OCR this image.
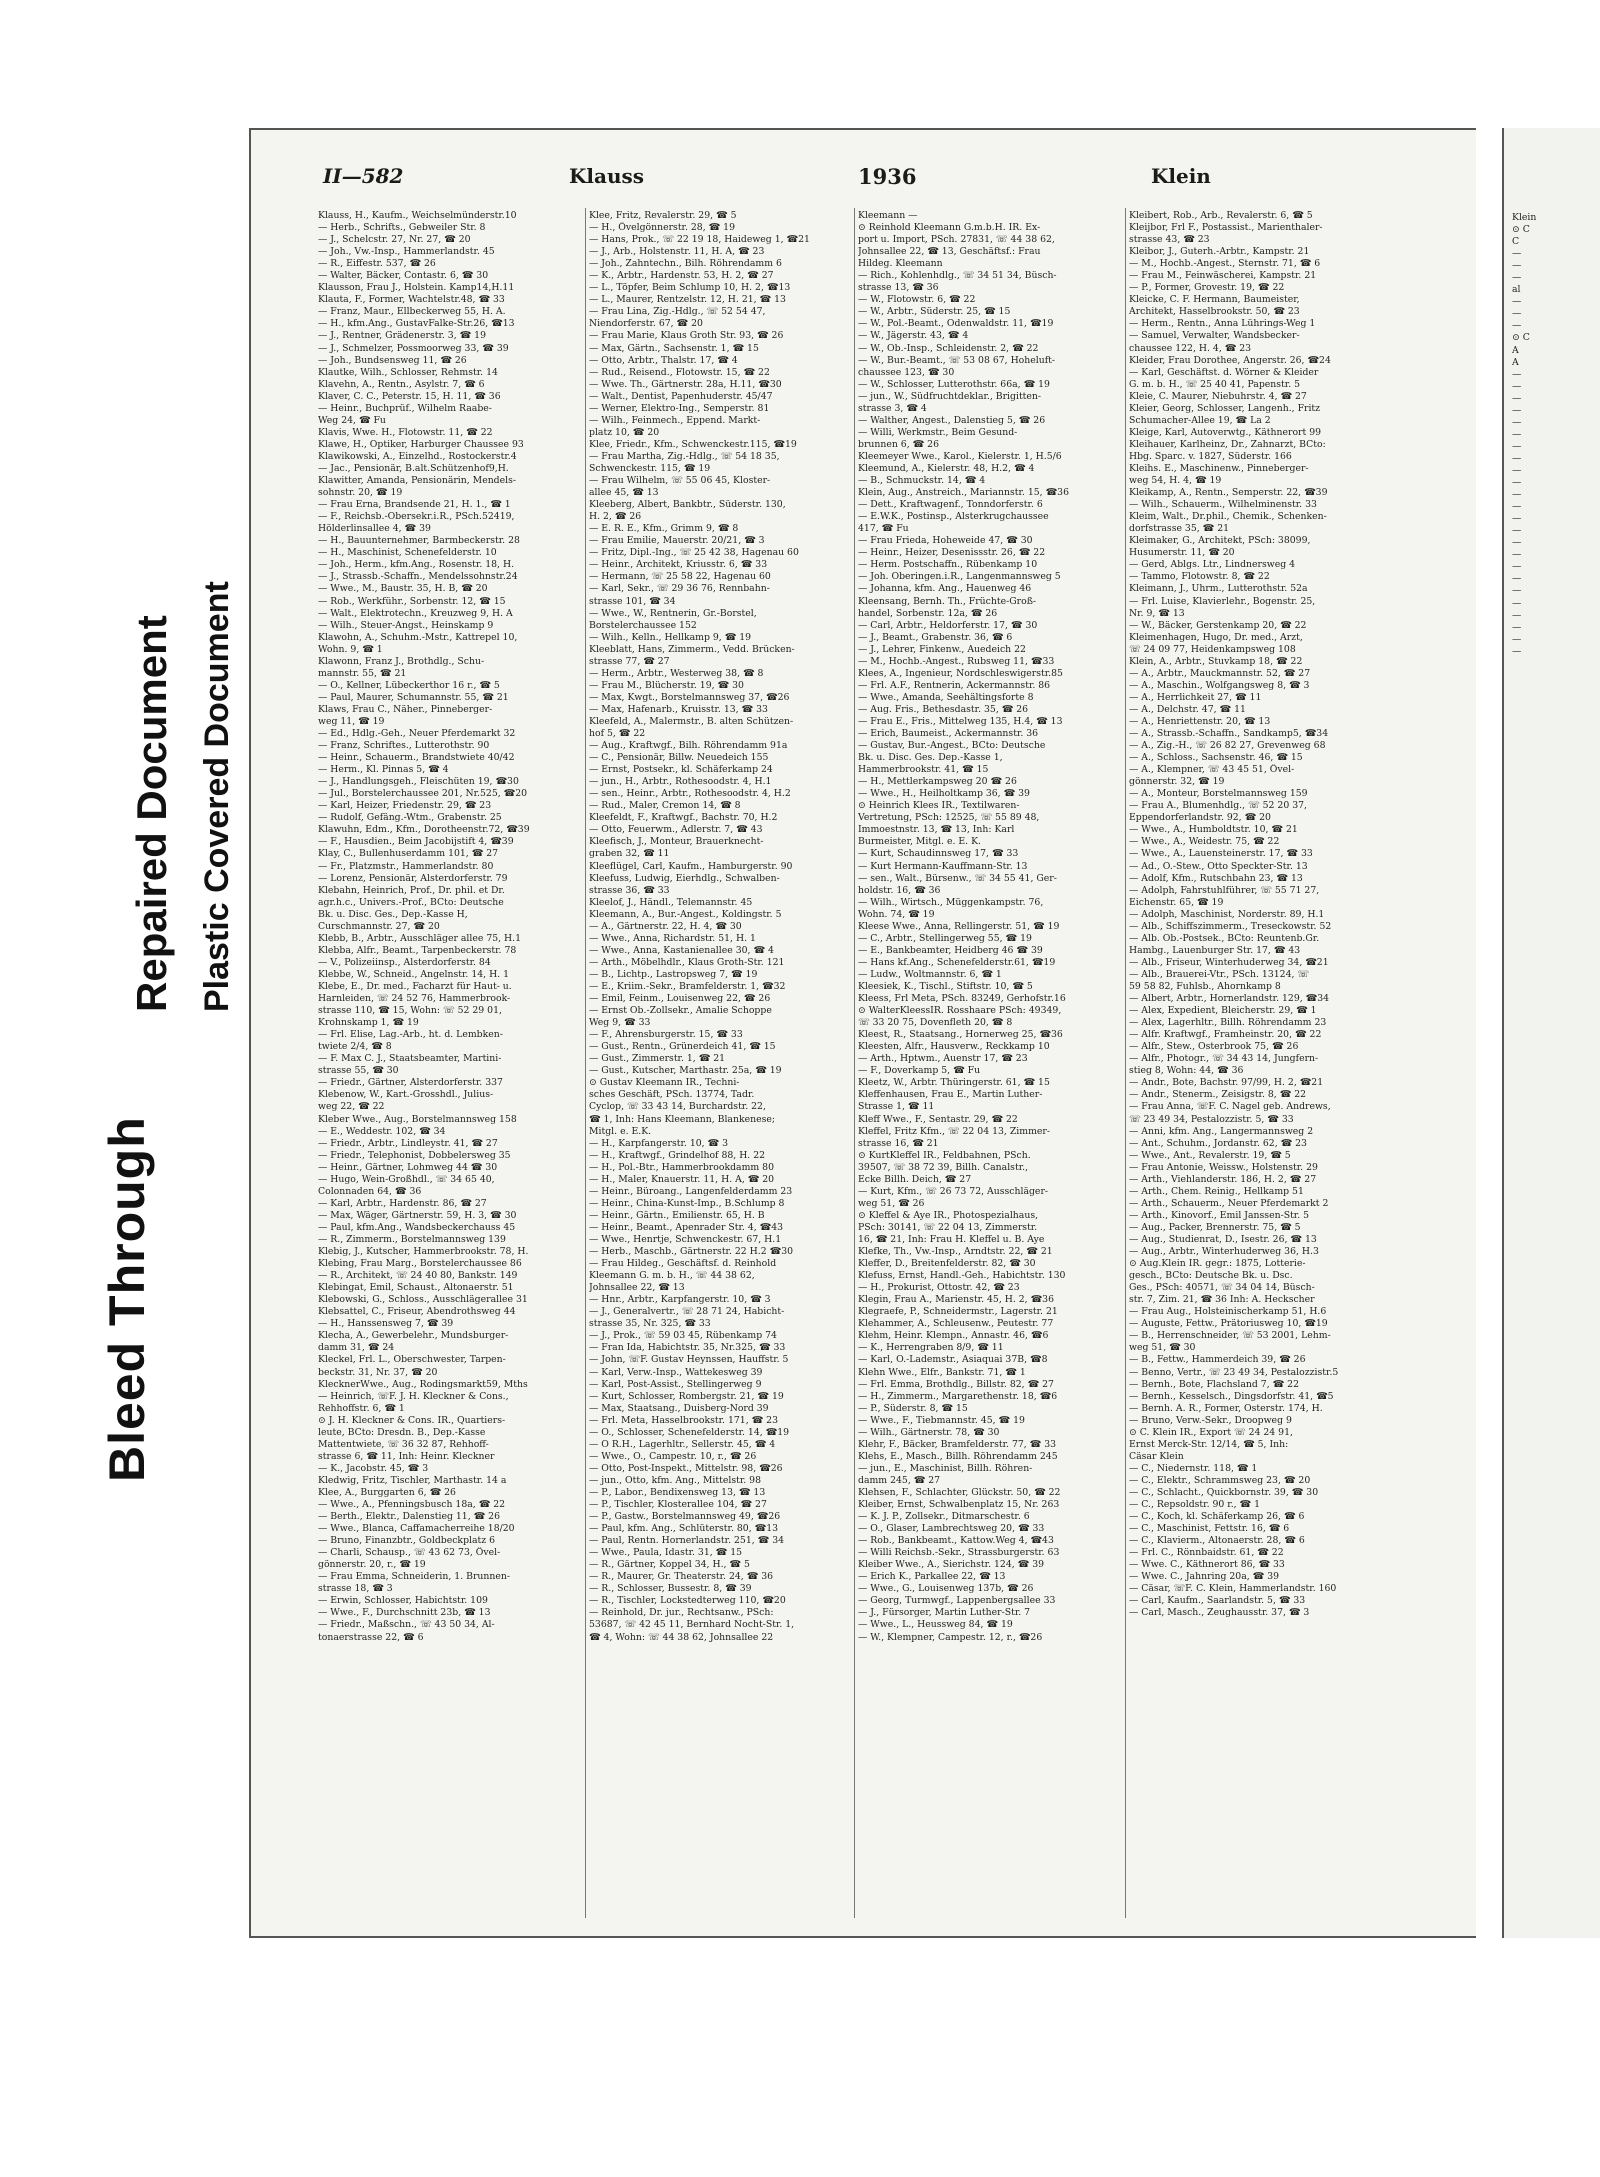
Bleed Through
Repaired Document Plastic Covered Document
II—582	Klauss	1936	Klein
Klauss, H., Kaufm., Weichselmünderstr.10
— Herb., Schrifts., Gebweiler Str. 8
— J., Schelcstr. 27, Nr. 27, ☎ 20
— Joh., Vw.-Insp., Hammerlandstr. 45
— R., Eiffestr. 537, ☎ 26
— Walter, Bäcker, Contastr. 6, ☎ 30
Klausson, Frau J., Holstein. Kamp14,H.11
Klauta, F., Former, Wachtelstr.48, ☎ 33
— Franz, Maur., Ellbeckerweg 55, H. A.
— H., kfm.Ang., GustavFalke-Str.26, ☎13
— J., Rentner, Grädenerstr. 3, ☎ 19
— J., Schmelzer, Possmoorweg 33, ☎ 39
— Joh., Bundsensweg 11, ☎ 26
Klautke, Wilh., Schlosser, Rehmstr. 14
Klavehn, A., Rentn., Asylstr. 7, ☎ 6
Klaver, C. C., Peterstr. 15, H. 11, ☎ 36
— Heinr., Buchprüf., Wilhelm Raabe-
Weg 24, ☎ Fu
Klavis, Wwe. H., Flotowstr. 11, ☎ 22
Klawe, H., Optiker, Harburger Chaussee 93
Klawikowski, A., Einzelhd., Rostockerstr.4
— Jac., Pensionär, B.alt.Schützenhof9,H.
Klawitter, Amanda, Pensionärin, Mendels-
sohnstr. 20, ☎ 19
— Frau Erna, Brandsende 21, H. 1., ☎ 1
— F., Reichsb.-Obersekr.i.R., PSch.52419,
Hölderlinsallee 4, ☎ 39
— H., Bauunternehmer, Barmbeckerstr. 28
— H., Maschinist, Schenefelderstr. 10
— Joh., Herm., kfm.Ang., Rosenstr. 18, H.
— J., Strassb.-Schaffn., Mendelssohnstr.24
— Wwe., M., Baustr. 35, H. B, ☎ 20
— Rob., Werkführ., Sorbenstr. 12, ☎ 15
— Walt., Elektrotechn., Kreuzweg 9, H. A
— Wilh., Steuer-Angst., Heinskamp 9
Klawohn, A., Schuhm.-Mstr., Kattrepel 10,
Wohn. 9, ☎ 1
Klawonn, Franz J., Brothdlg., Schu-
mannstr. 55, ☎ 21
— O., Kellner, Lübeckerthor 16 r., ☎ 5
— Paul, Maurer, Schumannstr. 55, ☎ 21
Klaws, Frau C., Näher., Pinneberger-
weg 11, ☎ 19
— Ed., Hdlg.-Geh., Neuer Pferdemarkt 32
— Franz, Schriftes., Lutterothstr. 90
— Heinr., Schauerm., Brandstwiete 40/42
— Herm., Kl. Pinnas 5, ☎ 4
— J., Handlungsgeh., Fleischüten 19, ☎30
— Jul., Borstelerchaussee 201, Nr.525, ☎20
— Karl, Heizer, Friedenstr. 29, ☎ 23
— Rudolf, Gefäng.-Wtm., Grabenstr. 25
Klawuhn, Edm., Kfm., Dorotheenstr.72, ☎39
— F., Hausdien., Beim Jacobijstift 4, ☎39
Klay, C., Bullenhuserdamm 101, ☎ 27
— Fr., Platzmstr., Hammerlandstr. 80
— Lorenz, Pensionär, Alsterdorferstr. 79
Klebahn, Heinrich, Prof., Dr. phil. et Dr.
agr.h.c., Univers.-Prof., BCto: Deutsche
Bk. u. Disc. Ges., Dep.-Kasse H,
Curschmannstr. 27, ☎ 20
Klebb, B., Arbtr., Ausschläger allee 75, H.1
Klebba, Alfr., Beamt., Tarpenbeckerstr. 78
— V., Polizeiinsp., Alsterdorferstr. 84
Klebbe, W., Schneid., Angelnstr. 14, H. 1
Klebe, E., Dr. med., Facharzt für Haut- u.
Harnleiden, ☏ 24 52 76, Hammerbrook-
strasse 110, ☎ 15, Wohn: ☏ 52 29 01,
Krohnskamp 1, ☎ 19
— Frl. Elise, Lag.-Arb., ht. d. Lembken-
twiete 2/4, ☎ 8
— F. Max C. J., Staatsbeamter, Martini-
strasse 55, ☎ 30
— Friedr., Gärtner, Alsterdorferstr. 337
Klebenow, W., Kart.-Grosshdl., Julius-
weg 22, ☎ 22
Kleber Wwe., Aug., Borstelmannsweg 158
— E., Weddestr. 102, ☎ 34
— Friedr., Arbtr., Lindleystr. 41, ☎ 27
— Friedr., Telephonist, Dobbelersweg 35
— Heinr., Gärtner, Lohmweg 44 ☎ 30
— Hugo, Wein-Großhdl., ☏ 34 65 40,
Colonnaden 64, ☎ 36
— Karl, Arbtr., Hardenstr. 86, ☎ 27
— Max, Wäger, Gärtnerstr. 59, H. 3, ☎ 30
— Paul, kfm.Ang., Wandsbeckerchauss 45
— R., Zimmerm., Borstelmannsweg 139
Klebig, J., Kutscher, Hammerbrookstr. 78, H.
Klebing, Frau Marg., Borstelerchaussee 86
— R., Architekt, ☏ 24 40 80, Bankstr. 149
Klebingat, Emil, Schaust., Altonaerstr. 51
Klebowski, G., Schloss., Ausschlägerallee 31
Klebsattel, C., Friseur, Abendrothsweg 44
— H., Hanssensweg 7, ☎ 39
Klecha, A., Gewerbelehr., Mundsburger-
damm 31, ☎ 24
Kleckel, Frl. L., Oberschwester, Tarpen-
beckstr. 31, Nr. 37, ☎ 20
KlecknerWwe., Aug., Rodingsmarkt59, Mths
— Heinrich, ☏F. J. H. Kleckner & Cons.,
Rehhoffstr. 6, ☎ 1
⊙ J. H. Kleckner & Cons. IR., Quartiers-
leute, BCto: Dresdn. B., Dep.-Kasse
Mattentwiete, ☏ 36 32 87, Rehhoff-
strasse 6, ☎ 11, Inh: Heinr. Kleckner
— K., Jacobstr. 45, ☎ 3
Kledwig, Fritz, Tischler, Marthastr. 14 a
Klee, A., Burggarten 6, ☎ 26
— Wwe., A., Pfenningsbusch 18a, ☎ 22
— Berth., Elektr., Dalenstieg 11, ☎ 26
— Wwe., Blanca, Caffamacherreihe 18/20
— Bruno, Finanzbtr., Goldbeckplatz 6
— Charli, Schausp., ☏ 43 62 73, Övel-
gönnerstr. 20, r., ☎ 19
— Frau Emma, Schneiderin, 1. Brunnen-
strasse 18, ☎ 3
— Erwin, Schlosser, Habichtstr. 109
— Wwe., F., Durchschnitt 23b, ☎ 13
— Friedr., Maßschn., ☏ 43 50 34, Al-
tonaerstrasse 22, ☎ 6
Klee, Fritz, Revalerstr. 29, ☎ 5
— H., Övelgönnerstr. 28, ☎ 19
— Hans, Prok., ☏ 22 19 18, Haideweg 1, ☎21
— J., Arb., Holstenstr. 11, H. A, ☎ 23
— Joh., Zahntechn., Bilh. Röhrendamm 6
— K., Arbtr., Hardenstr. 53, H. 2, ☎ 27
— L., Töpfer, Beim Schlump 10, H. 2, ☎13
— L., Maurer, Rentzelstr. 12, H. 21, ☎ 13
— Frau Lina, Zig.-Hdlg., ☏ 52 54 47,
Niendorferstr. 67, ☎ 20
— Frau Marie, Klaus Groth Str. 93, ☎ 26
— Max, Gärtn., Sachsenstr. 1, ☎ 15
— Otto, Arbtr., Thalstr. 17, ☎ 4
— Rud., Reisend., Flotowstr. 15, ☎ 22
— Wwe. Th., Gärtnerstr. 28a, H.11, ☎30
— Walt., Dentist, Papenhuderstr. 45/47
— Werner, Elektro-Ing., Semperstr. 81
— Wilh., Feinmech., Eppend. Markt-
platz 10, ☎ 20
Klee, Friedr., Kfm., Schwenckestr.115, ☎19
— Frau Martha, Zig.-Hdlg., ☏ 54 18 35,
Schwenckestr. 115, ☎ 19
— Frau Wilhelm, ☏ 55 06 45, Kloster-
allee 45, ☎ 13
Kleeberg, Albert, Bankbtr., Süderstr. 130,
H. 2, ☎ 26
— E. R. E., Kfm., Grimm 9, ☎ 8
— Frau Emilie, Mauerstr. 20/21, ☎ 3
— Fritz, Dipl.-Ing., ☏ 25 42 38, Hagenau 60
— Heinr., Architekt, Kriusstr. 6, ☎ 33
— Hermann, ☏ 25 58 22, Hagenau 60
— Karl, Sekr., ☏ 29 36 76, Rennbahn-
strasse 101, ☎ 34
— Wwe., W., Rentnerin, Gr.-Borstel,
Borstelerchaussee 152
— Wilh., Kelln., Hellkamp 9, ☎ 19
Kleeblatt, Hans, Zimmerm., Vedd. Brücken-
strasse 77, ☎ 27
— Herm., Arbtr., Westerweg 38, ☎ 8
— Frau M., Blücherstr. 19, ☎ 30
— Max, Kwgt., Borstelmannsweg 37, ☎26
— Max, Hafenarb., Kruisstr. 13, ☎ 33
Kleefeld, A., Malermstr., B. alten Schützen-
hof 5, ☎ 22
— Aug., Kraftwgf., Bilh. Röhrendamm 91a
— C., Pensionär, Billw. Neuedeich 155
— Ernst, Postsekr., kl. Schäferkamp 24
— jun., H., Arbtr., Rothesoodstr. 4, H.1
— sen., Heinr., Arbtr., Rothesoodstr. 4, H.2
— Rud., Maler, Cremon 14, ☎ 8
Kleefeldt, F., Kraftwgf., Bachstr. 70, H.2
— Otto, Feuerwm., Adlerstr. 7, ☎ 43
Kleefisch, J., Monteur, Brauerknecht-
graben 32, ☎ 11
Kleeflügel, Carl, Kaufm., Hamburgerstr. 90
Kleefuss, Ludwig, Eierhdlg., Schwalben-
strasse 36, ☎ 33
Kleelof, J., Händl., Telemannstr. 45
Kleemann, A., Bur.-Angest., Koldingstr. 5
— A., Gärtnerstr. 22, H. 4, ☎ 30
— Wwe., Anna, Richardstr. 51, H. 1
— Wwe., Anna, Kastanienallee 30, ☎ 4
— Arth., Möbelhdlr., Klaus Groth-Str. 121
— B., Lichtp., Lastropsweg 7, ☎ 19
— E., Kriim.-Sekr., Bramfelderstr. 1, ☎32
— Emil, Feinm., Louisenweg 22, ☎ 26
— Ernst Ob.-Zollsekr., Amalie Schoppe
Weg 9, ☎ 33
— F., Ahrensburgerstr. 15, ☎ 33
— Gust., Rentn., Grünerdeich 41, ☎ 15
— Gust., Zimmerstr. 1, ☎ 21
— Gust., Kutscher, Marthastr. 25a, ☎ 19
⊙ Gustav Kleemann IR., Techni-
sches Geschäft, PSch. 13774, Tadr.
Cyclop, ☏ 33 43 14, Burchardstr. 22,
☎ 1, Inh: Hans Kleemann, Blankenese;
Mitgl. e. E.K.
— H., Karpfangerstr. 10, ☎ 3
— H., Kraftwgf., Grindelhof 88, H. 22
— H., Pol.-Btr., Hammerbrookdamm 80
— H., Maler, Knauerstr. 11, H. A, ☎ 20
— Heinr., Büroang., Langenfelderdamm 23
— Heinr., China-Kunst-Imp., B.Schlump 8
— Heinr., Gärtn., Emilienstr. 65, H. B
— Heinr., Beamt., Apenrader Str. 4, ☎43
— Wwe., Henrtje, Schwenckestr. 67, H.1
— Herb., Maschb., Gärtnerstr. 22 H.2 ☎30
— Frau Hildeg., Geschäftsf. d. Reinhold
Kleemann G. m. b. H., ☏ 44 38 62,
Johnsallee 22, ☎ 13
— Hnr., Arbtr., Karpfangerstr. 10, ☎ 3
— J., Generalvertr., ☏ 28 71 24, Habicht-
strasse 35, Nr. 325, ☎ 33
— J., Prok., ☏ 59 03 45, Rübenkamp 74
— Fran Ida, Habichtstr. 35, Nr.325, ☎ 33
— John, ☏F. Gustav Heynssen, Hauffstr. 5
— Karl, Verw.-Insp., Wattekesweg 39
— Karl, Post-Assist., Stellingerweg 9
— Kurt, Schlosser, Rombergstr. 21, ☎ 19
— Max, Staatsang., Duisberg-Nord 39
— Frl. Meta, Hasselbrookstr. 171, ☎ 23
— O., Schlosser, Schenefelderstr. 14, ☎19
— O R.H., Lagerhltr., Sellerstr. 45, ☎ 4
— Wwe., O., Campestr. 10, r., ☎ 26
— Otto, Post-Inspekt., Mittelstr. 98, ☎26
— jun., Otto, kfm. Ang., Mittelstr. 98
— P., Labor., Bendixensweg 13, ☎ 13
— P., Tischler, Klosterallee 104, ☎ 27
— P., Gastw., Borstelmannsweg 49, ☎26
— Paul, kfm. Ang., Schlüterstr. 80, ☎13
— Paul, Rentn. Hornerlandstr. 251, ☎ 34
— Wwe., Paula, Idastr. 31, ☎ 15
— R., Gärtner, Koppel 34, H., ☎ 5
— R., Maurer, Gr. Theaterstr. 24, ☎ 36
— R., Schlosser, Bussestr. 8, ☎ 39
— R., Tischler, Lockstedterweg 110, ☎20
— Reinhold, Dr. jur., Rechtsanw., PSch:
53687, ☏ 42 45 11, Bernhard Nocht-Str. 1,
☎ 4, Wohn: ☏ 44 38 62, Johnsallee 22
Kleemann —
⊙ Reinhold Kleemann G.m.b.H. IR. Ex-
port u. Import, PSch. 27831, ☏ 44 38 62,
Johnsallee 22, ☎ 13, Geschäftsf.: Frau
Hildeg. Kleemann
— Rich., Kohlenhdlg., ☏ 34 51 34, Büsch-
strasse 13, ☎ 36
— W., Flotowstr. 6, ☎ 22
— W., Arbtr., Süderstr. 25, ☎ 15
— W., Pol.-Beamt., Odenwaldstr. 11, ☎19
— W., Jägerstr. 43, ☎ 4
— W., Ob.-Insp., Schleidenstr. 2, ☎ 22
— W., Bur.-Beamt., ☏ 53 08 67, Hoheluft-
chaussee 123, ☎ 30
— W., Schlosser, Lutterothstr. 66a, ☎ 19
— jun., W., Südfruchtdeklar., Brigitten-
strasse 3, ☎ 4
— Walther, Angest., Dalenstieg 5, ☎ 26
— Willi, Werkmstr., Beim Gesund-
brunnen 6, ☎ 26
Kleemeyer Wwe., Karol., Kielerstr. 1, H.5/6
Kleemund, A., Kielerstr. 48, H.2, ☎ 4
— B., Schmuckstr. 14, ☎ 4
Klein, Aug., Anstreich., Mariannstr. 15, ☎36
— Dett., Kraftwagenf., Tonndorferstr. 6
— E.W.K., Postinsp., Alsterkrugchaussee
417, ☎ Fu
— Frau Frieda, Hoheweide 47, ☎ 30
— Heinr., Heizer, Desenissstr. 26, ☎ 22
— Herm. Postschaffn., Rübenkamp 10
— Joh. Oberingen.i.R., Langenmannsweg 5
— Johanna, kfm. Ang., Hauenweg 46
Kleensang, Bernh. Th., Früchte-Groß-
handel, Sorbenstr. 12a, ☎ 26
— Carl, Arbtr., Heldorferstr. 17, ☎ 30
— J., Beamt., Grabenstr. 36, ☎ 6
— J., Lehrer, Finkenw., Auedeich 22
— M., Hochb.-Angest., Rubsweg 11, ☎33
Klees, A., Ingenieur, Nordschleswigerstr.85
— Frl. A.F., Rentnerin, Ackermannstr. 86
— Wwe., Amanda, Seehältingsforte 8
— Aug. Fris., Bethesdastr. 35, ☎ 26
— Frau E., Fris., Mittelweg 135, H.4, ☎ 13
— Erich, Baumeist., Ackermannstr. 36
— Gustav, Bur.-Angest., BCto: Deutsche
Bk. u. Disc. Ges. Dep.-Kasse 1,
Hammerbrookstr. 41, ☎ 15
— H., Mettlerkampsweg 20 ☎ 26
— Wwe., H., Heilholtkamp 36, ☎ 39
⊙ Heinrich Klees IR., Textilwaren-
Vertretung, PSch: 12525, ☏ 55 89 48,
Immoestnstr. 13, ☎ 13, Inh: Karl
Burmeister, Mitgl. e. E. K.
— Kurt, Schaudinnsweg 17, ☎ 33
— Kurt Hermann-Kauffmann-Str. 13
— sen., Walt., Bürsenw., ☏ 34 55 41, Ger-
holdstr. 16, ☎ 36
— Wilh., Wirtsch., Müggenkampstr. 76,
Wohn. 74, ☎ 19
Kleese Wwe., Anna, Rellingerstr. 51, ☎ 19
— C., Arbtr., Stellingerweg 55, ☎ 19
— E., Bankbeamter, Heidberg 46 ☎ 39
— Hans kf.Ang., Schenefelderstr.61, ☎19
— Ludw., Woltmannstr. 6, ☎ 1
Kleesiek, K., Tischl., Stiftstr. 10, ☎ 5
Kleess, Frl Meta, PSch. 83249, Gerhofstr.16
⊙ WalterKleessIR. Rosshaare PSch: 49349,
☏ 33 20 75, Dovenfleth 20, ☎ 8
Kleest, R., Staatsang., Hornerweg 25, ☎36
Kleesten, Alfr., Hausverw., Reckkamp 10
— Arth., Hptwm., Auenstr 17, ☎ 23
— F., Doverkamp 5, ☎ Fu
Kleetz, W., Arbtr. Thüringerstr. 61, ☎ 15
Kleffenhausen, Frau E., Martin Luther-
Strasse 1, ☎ 11
Kleff Wwe., F., Sentastr. 29, ☎ 22
Kleffel, Fritz Kfm., ☏ 22 04 13, Zimmer-
strasse 16, ☎ 21
⊙ KurtKleffel IR., Feldbahnen, PSch.
39507, ☏ 38 72 39, Billh. Canalstr.,
Ecke Billh. Deich, ☎ 27
— Kurt, Kfm., ☏ 26 73 72, Ausschläger-
weg 51, ☎ 26
⊙ Kleffel & Aye IR., Photospezialhaus,
PSch: 30141, ☏ 22 04 13, Zimmerstr.
16, ☎ 21, Inh: Frau H. Kleffel u. B. Aye
Klefke, Th., Vw.-Insp., Arndtstr. 22, ☎ 21
Kleffer, D., Breitenfelderstr. 82, ☎ 30
Klefuss, Ernst, Handl.-Geh., Habichtstr. 130
— H., Prokurist, Ottostr. 42, ☎ 23
Klegin, Frau A., Marienstr. 45, H. 2, ☎36
Klegraefe, P., Schneidermstr., Lagerstr. 21
Klehammer, A., Schleusenw., Peutestr. 77
Klehm, Heinr. Klempn., Annastr. 46, ☎6
— K., Herrengraben 8/9, ☎ 11
— Karl, O.-Lademstr., Asiaquai 37B, ☎8
Klehn Wwe., Elfr., Bankstr. 71, ☎ 1
— Frl. Emma, Brothdlg., Billstr. 82, ☎ 27
— H., Zimmerm., Margarethenstr. 18, ☎6
— P., Süderstr. 8, ☎ 15
— Wwe., F., Tiebmannstr. 45, ☎ 19
— Wilh., Gärtnerstr. 78, ☎ 30
Klehr, F., Bäcker, Bramfelderstr. 77, ☎ 33
Klehs, E., Masch., Billh. Röhrendamm 245
— jun., E., Maschinist, Billh. Röhren-
damm 245, ☎ 27
Klehsen, F., Schlachter, Glückstr. 50, ☎ 22
Kleiber, Ernst, Schwalbenplatz 15, Nr. 263
— K. J. P., Zollsekr., Ditmarschestr. 6
— O., Glaser, Lambrechtsweg 20, ☎ 33
— Rob., Bankbeamt., Kattow.Weg 4, ☎43
— Willi Reichsb.-Sekr., Strassburgerstr. 63
Kleiber Wwe., A., Sierichstr. 124, ☎ 39
— Erich K., Parkallee 22, ☎ 13
— Wwe., G., Louisenweg 137b, ☎ 26
— Georg, Turmwgf., Lappenbergsallee 33
— J., Fürsorger, Martin Luther-Str. 7
— Wwe., L., Heussweg 84, ☎ 19
— W., Klempner, Campestr. 12, r., ☎26
Kleibert, Rob., Arb., Revalerstr. 6, ☎ 5
Kleijbor, Frl F., Postassist., Marienthaler-
strasse 43, ☎ 23
Kleibor, J., Guterh.-Arbtr., Kampstr. 21
— M., Hochb.-Angest., Sternstr. 71, ☎ 6
— Frau M., Feinwäscherei, Kampstr. 21
— P., Former, Grovestr. 19, ☎ 22
Kleicke, C. F. Hermann, Baumeister,
Architekt, Hasselbrookstr. 50, ☎ 23
— Herm., Rentn., Anna Lührings-Weg 1
— Samuel, Verwalter, Wandsbecker-
chaussee 122, H. 4, ☎ 23
Kleider, Frau Dorothee, Angerstr. 26, ☎24
— Karl, Geschäftst. d. Wörner & Kleider
G. m. b. H., ☏ 25 40 41, Papenstr. 5
Kleie, C. Maurer, Niebuhrstr. 4, ☎ 27
Kleier, Georg, Schlosser, Langenh., Fritz
Schumacher-Allee 19, ☎ La 2
Kleige, Karl, Autoverwtg., Käthnerort 99
Kleihauer, Karlheinz, Dr., Zahnarzt, BCto:
Hbg. Sparc. v. 1827, Süderstr. 166
Kleihs. E., Maschinenw., Pinneberger-
weg 54, H. 4, ☎ 19
Kleikamp, A., Rentn., Semperstr. 22, ☎39
— Wilh., Schauerm., Wilhelminenstr. 33
Kleim, Walt., Dr.phil., Chemik., Schenken-
dorfstrasse 35, ☎ 21
Kleimaker, G., Architekt, PSch: 38099,
Husumerstr. 11, ☎ 20
— Gerd, Ablgs. Ltr., Lindnersweg 4
— Tammo, Flotowstr. 8, ☎ 22
Kleimann, J., Uhrm., Lutterothstr. 52a
— Frl. Luise, Klavierlehr., Bogenstr. 25,
Nr. 9, ☎ 13
— W., Bäcker, Gerstenkamp 20, ☎ 22
Kleimenhagen, Hugo, Dr. med., Arzt,
☏ 24 09 77, Heidenkampsweg 108
Klein, A., Arbtr., Stuvkamp 18, ☎ 22
— A., Arbtr., Mauckmannstr. 52, ☎ 27
— A., Maschin., Wolfgangsweg 8, ☎ 3
— A., Herrlichkeit 27, ☎ 11
— A., Delchstr. 47, ☎ 11
— A., Henriettenstr. 20, ☎ 13
— A., Strassb.-Schaffn., Sandkamp5, ☎34
— A., Zig.-H., ☏ 26 82 27, Grevenweg 68
— A., Schloss., Sachsenstr. 46, ☎ 15
— A., Klempner, ☏ 43 45 51, Övel-
gönnerstr. 32, ☎ 19
— A., Monteur, Borstelmannsweg 159
— Frau A., Blumenhdlg., ☏ 52 20 37,
Eppendorferlandstr. 92, ☎ 20
— Wwe., A., Humboldtstr. 10, ☎ 21
— Wwe., A., Weidestr. 75, ☎ 22
— Wwe., A., Lauensteinerstr. 17, ☎ 33
— Ad., O.-Stew., Otto Speckter-Str. 13
— Adolf, Kfm., Rutschbahn 23, ☎ 13
— Adolph, Fahrstuhlführer, ☏ 55 71 27,
Eichenstr. 65, ☎ 19
— Adolph, Maschinist, Norderstr. 89, H.1
— Alb., Schiffszimmerm., Treseckowstr. 52
— Alb. Ob.-Postsek., BCto: Reuntenb.Gr.
Hambg., Lauenburger Str. 17, ☎ 43
— Alb., Friseur, Winterhuderweg 34, ☎21
— Alb., Brauerei-Vtr., PSch. 13124, ☏
59 58 82, Fuhlsb., Ahornkamp 8
— Albert, Arbtr., Hornerlandstr. 129, ☎34
— Alex, Expedient, Bleicherstr. 29, ☎ 1
— Alex, Lagerhltr., Billh. Röhrendamm 23
— Alfr. Kraftwgf., Framheinstr. 20, ☎ 22
— Alfr., Stew., Osterbrook 75, ☎ 26
— Alfr., Photogr., ☏ 34 43 14, Jungfern-
stieg 8, Wohn: 44, ☎ 36
— Andr., Bote, Bachstr. 97/99, H. 2, ☎21
— Andr., Stenerm., Zeisigstr. 8, ☎ 22
— Frau Anna, ☏F. C. Nagel geb. Andrews,
☏ 23 49 34, Pestalozzistr. 5, ☎ 33
— Anni, kfm. Ang., Langermannsweg 2
— Ant., Schuhm., Jordanstr. 62, ☎ 23
— Wwe., Ant., Revalerstr. 19, ☎ 5
— Frau Antonie, Weissw., Holstenstr. 29
— Arth., Viehlanderstr. 186, H. 2, ☎ 27
— Arth., Chem. Reinig., Hellkamp 51
— Arth., Schauerm., Neuer Pferdemarkt 2
— Arth., Kinovorf., Emil Janssen-Str. 5
— Aug., Packer, Brennerstr. 75, ☎ 5
— Aug., Studienrat, D., Isestr. 26, ☎ 13
— Aug., Arbtr., Winterhuderweg 36, H.3
⊙ Aug.Klein IR. gegr.: 1875, Lotterie-
gesch., BCto: Deutsche Bk. u. Dsc.
Ges., PSch: 40571, ☏ 34 04 14, Büsch-
str. 7, Zim. 21, ☎ 36 Inh: A. Heckscher
— Frau Aug., Holsteinischerkamp 51, H.6
— Auguste, Fettw., Prätoriusweg 10, ☎19
— B., Herrenschneider, ☏ 53 2001, Lehm-
weg 51, ☎ 30
— B., Fettw., Hammerdeich 39, ☎ 26
— Benno, Vertr., ☏ 23 49 34, Pestalozzistr.5
— Bernh., Bote, Flachsland 7, ☎ 22
— Bernh., Kesselsch., Dingsdorfstr. 41, ☎5
— Bernh. A. R., Former, Osterstr. 174, H.
— Bruno, Verw.-Sekr., Droopweg 9
⊙ C. Klein IR., Export ☏ 24 24 91,
Ernst Merck-Str. 12/14, ☎ 5, Inh:
Cäsar Klein
— C., Niedernstr. 118, ☎ 1
— C., Elektr., Schrammsweg 23, ☎ 20
— C., Schlacht., Quickbornstr. 39, ☎ 30
— C., Repsoldstr. 90 r., ☎ 1
— C., Koch, kl. Schäferkamp 26, ☎ 6
— C., Maschinist, Fettstr. 16, ☎ 6
— C., Klavierm., Altonaerstr. 28, ☎ 6
— Frl. C., Rönnbaidstr. 61, ☎ 22
— Wwe. C., Käthnerort 86, ☎ 33
— Wwe. C., Jahnring 20a, ☎ 39
— Cäsar, ☏F. C. Klein, Hammerlandstr. 160
— Carl, Kaufm., Saarlandstr. 5, ☎ 33
— Carl, Masch., Zeughausstr. 37, ☎ 3
Klein
⊙ C
C
—
—
—
al
—
—
—
⊙ C
A
A
—
—
—
—
—
—
—
—
—
—
—
—
—
—
—
—
—
—
—
—
—
—
—
—
